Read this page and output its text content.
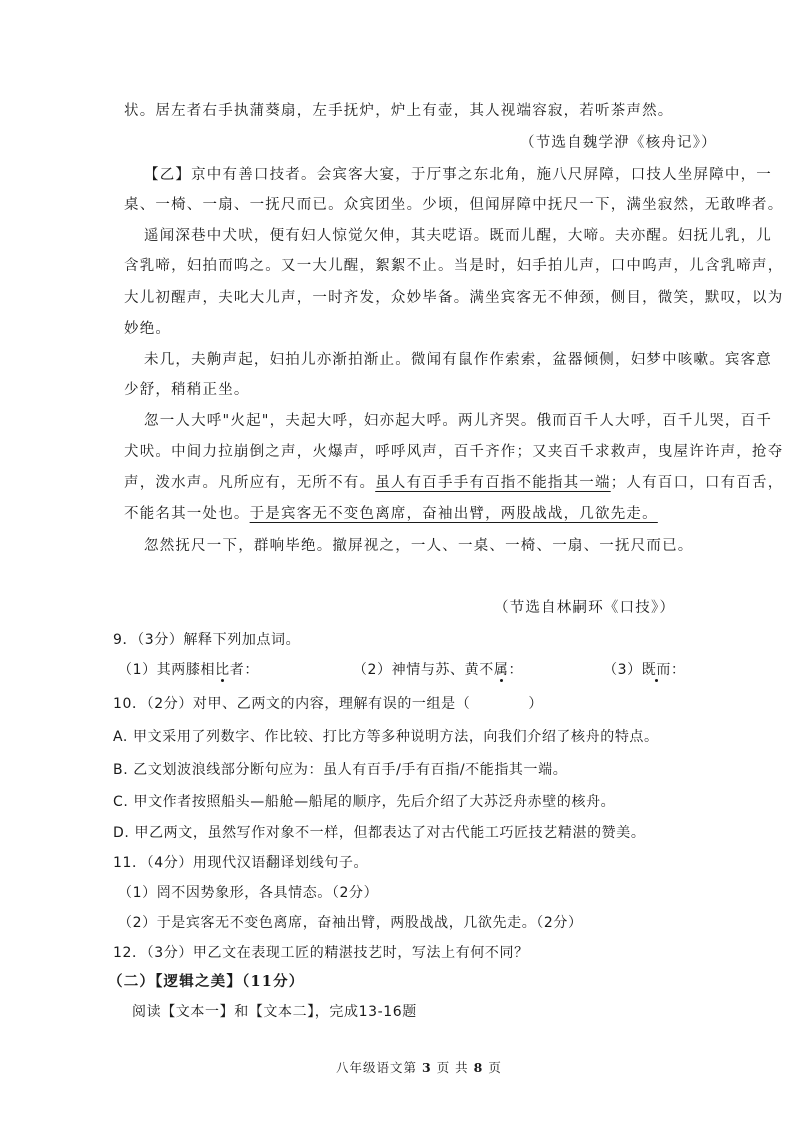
状。居左者右手执蒲葵扇，左手抚炉，炉上有壶，其人视端容寂，若听茶声然。
（节选自魏学洢《核舟记》）
【乙】京中有善口技者。会宾客大宴，于厅事之东北角，施八尺屏障，口技人坐屏障中，一
桌、一椅、一扇、一抚尺而已。众宾团坐。少顷，但闻屏障中抚尺一下，满坐寂然，无敢哗者。
遥闻深巷中犬吠，便有妇人惊觉欠伸，其夫呓语。既而儿醒，大啼。夫亦醒。妇抚儿乳，儿
含乳啼，妇拍而呜之。又一大儿醒，絮絮不止。当是时，妇手拍儿声，口中呜声，儿含乳啼声，
大儿初醒声，夫叱大儿声，一时齐发，众妙毕备。满坐宾客无不伸颈，侧目，微笑，默叹，以为
妙绝。
未几，夫齁声起，妇拍儿亦渐拍渐止。微闻有鼠作作索索，盆器倾侧，妇梦中咳嗽。宾客意
少舒，稍稍正坐。
忽一人大呼"火起"，夫起大呼，妇亦起大呼。两儿齐哭。俄而百千人大呼，百千儿哭，百千
犬吠。中间力拉崩倒之声，火爆声，呼呼风声，百千齐作；又夹百千求救声，曳屋许许声，抢夺
声，泼水声。凡所应有，无所不有。虽人有百手手有百指不能指其一端；人有百口，口有百舌，
不能名其一处也。于是宾客无不变色离席，奋袖出臂，两股战战，几欲先走。
忽然抚尺一下，群响毕绝。撤屏视之，一人、一桌、一椅、一扇、一抚尺而已。
（节选自林嗣环《口技》）
9．（3分）解释下列加点词。
（1）其两膝相比者：	（2）神情与苏、黄不属：	（3）既而：
10．（2分）对甲、乙两文的内容，理解有误的一组是（	）
A. 甲文采用了列数字、作比较、打比方等多种说明方法，向我们介绍了核舟的特点。
B. 乙文划波浪线部分断句应为：虽人有百手/手有百指/不能指其一端。
C. 甲文作者按照船头—船舱—船尾的顺序，先后介绍了大苏泛舟赤壁的核舟。
D. 甲乙两文，虽然写作对象不一样，但都表达了对古代能工巧匠技艺精湛的赞美。
11．（4分）用现代汉语翻译划线句子。
（1）罔不因势象形，各具情态。（2分）
（2）于是宾客无不变色离席，奋袖出臂，两股战战，几欲先走。（2分）
12．（3分）甲乙文在表现工匠的精湛技艺时，写法上有何不同？
（二）【逻辑之美】（11分）
阅读【文本一】和【文本二】，完成13-16题
八年级语文第 3 页 共 8 页
